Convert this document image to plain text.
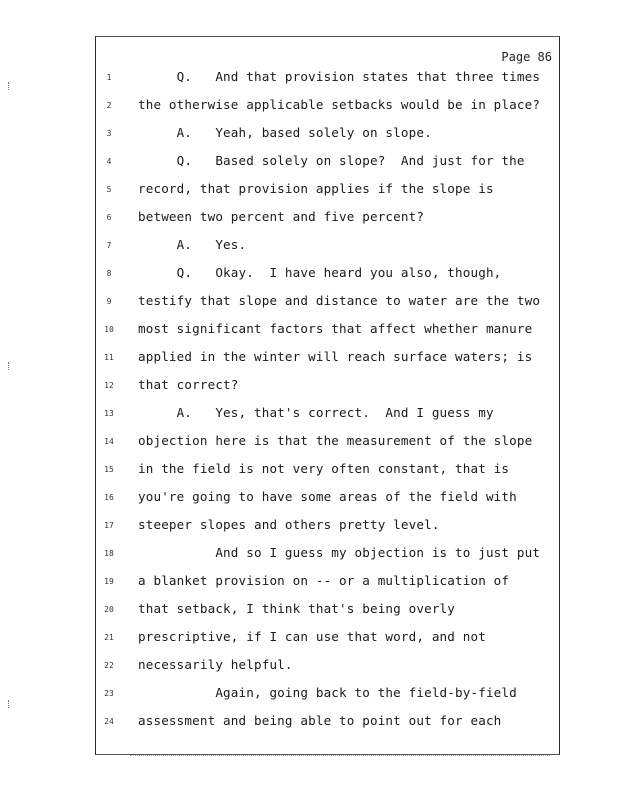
Page 86
1	Q.   And that provision states that three times
2	the otherwise applicable setbacks would be in place?
3	A.   Yeah, based solely on slope.
4	Q.   Based solely on slope?  And just for the
5	record, that provision applies if the slope is
6	between two percent and five percent?
7	A.   Yes.
8	Q.   Okay.  I have heard you also, though,
9	testify that slope and distance to water are the two
10	most significant factors that affect whether manure
11	applied in the winter will reach surface waters; is
12	that correct?
13	A.   Yes, that's correct.  And I guess my
14	objection here is that the measurement of the slope
15	in the field is not very often constant, that is
16	you're going to have some areas of the field with
17	steeper slopes and others pretty level.
18	And so I guess my objection is to just put
19	a blanket provision on -- or a multiplication of
20	that setback, I think that's being overly
21	prescriptive, if I can use that word, and not
22	necessarily helpful.
23	Again, going back to the field-by-field
24	assessment and being able to point out for each
